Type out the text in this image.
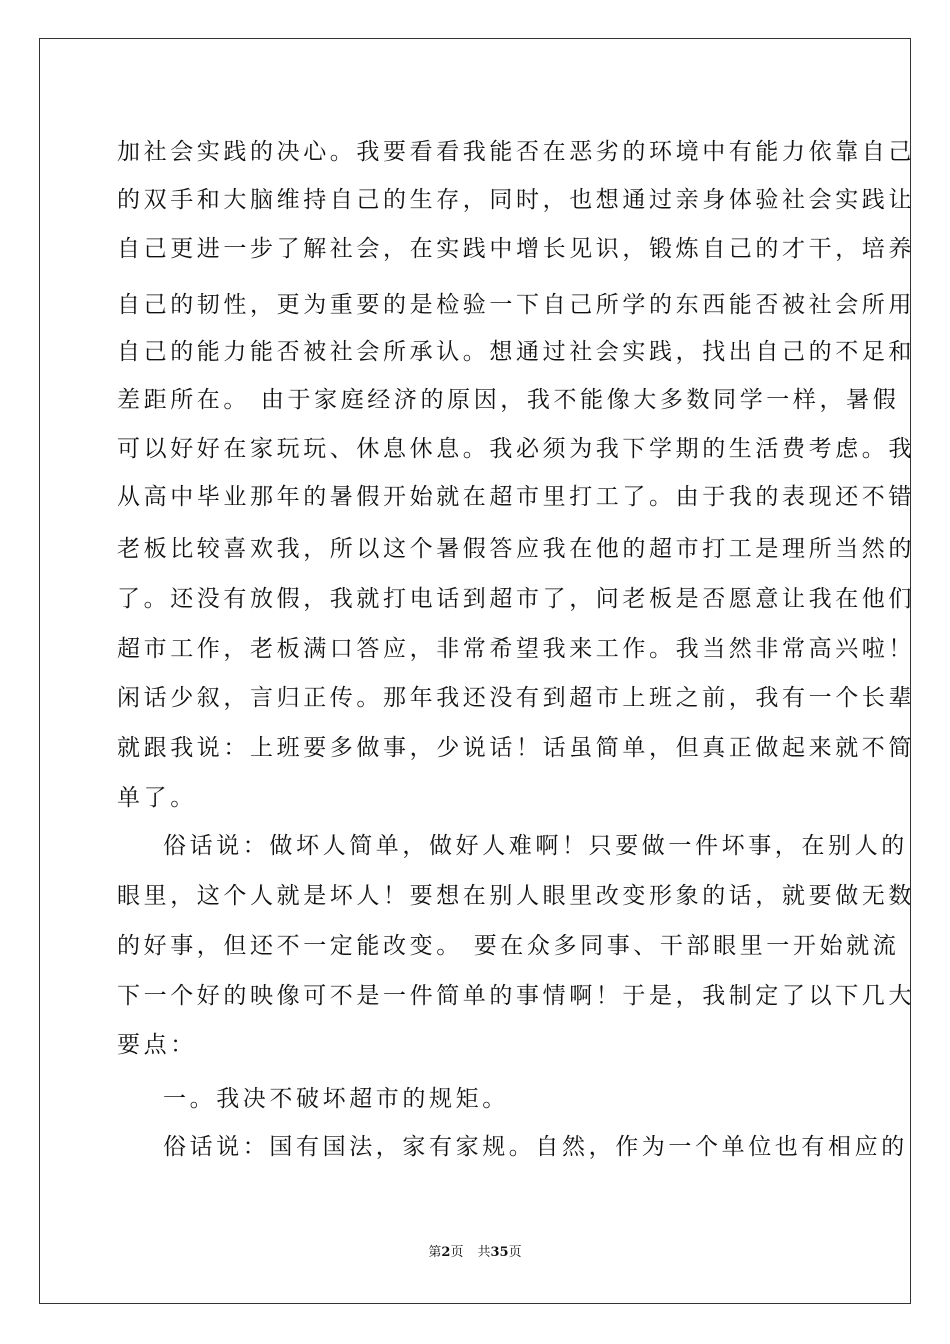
加社会实践的决心。我要看看我能否在恶劣的环境中有能力依靠自己
的双手和大脑维持自己的生存，同时，也想通过亲身体验社会实践让
自己更进一步了解社会，在实践中增长见识，锻炼自己的才干，培养
自己的韧性，更为重要的是检验一下自己所学的东西能否被社会所用
自己的能力能否被社会所承认。想通过社会实践，找出自己的不足和
差距所在。 由于家庭经济的原因，我不能像大多数同学一样，暑假
可以好好在家玩玩、休息休息。我必须为我下学期的生活费考虑。我
从高中毕业那年的暑假开始就在超市里打工了。由于我的表现还不错
老板比较喜欢我，所以这个暑假答应我在他的超市打工是理所当然的
了。还没有放假，我就打电话到超市了，问老板是否愿意让我在他们
超市工作，老板满口答应，非常希望我来工作。我当然非常高兴啦！
闲话少叙，言归正传。那年我还没有到超市上班之前，我有一个长辈
就跟我说：上班要多做事，少说话！话虽简单，但真正做起来就不简
单了。
俗话说：做坏人简单，做好人难啊！只要做一件坏事，在别人的
眼里，这个人就是坏人！要想在别人眼里改变形象的话，就要做无数
的好事，但还不一定能改变。 要在众多同事、干部眼里一开始就流
下一个好的映像可不是一件简单的事情啊！于是，我制定了以下几大
要点：
一。我决不破坏超市的规矩。
俗话说：国有国法，家有家规。自然，作为一个单位也有相应的
第2页 共35页
